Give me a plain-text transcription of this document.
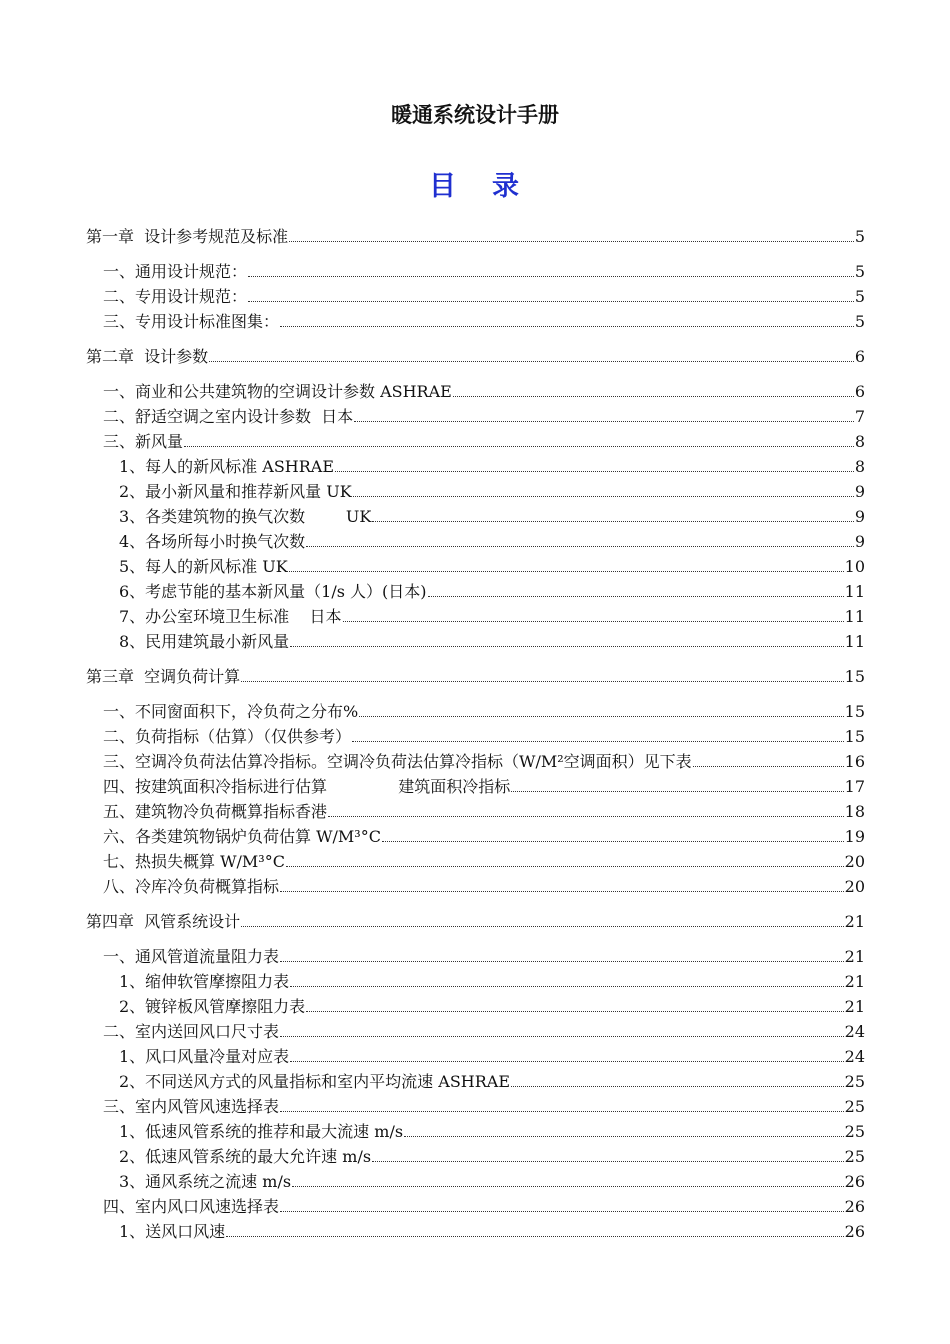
暖通系统设计手册
目 录
第一章  设计参考规范及标准	5
一、通用设计规范：	5
二、专用设计规范：	5
三、专用设计标准图集：	5
第二章  设计参数	6
一、商业和公共建筑物的空调设计参数 ASHRAE	6
二、舒适空调之室内设计参数  日本	7
三、新风量	8
1、每人的新风标准 ASHRAE	8
2、最小新风量和推荐新风量 UK	9
3、各类建筑物的换气次数        UK	9
4、各场所每小时换气次数	9
5、每人的新风标准 UK	10
6、考虑节能的基本新风量（1/s 人）(日本)	11
7、办公室环境卫生标准    日本	11
8、民用建筑最小新风量	11
第三章  空调负荷计算	15
一、不同窗面积下，冷负荷之分布%	15
二、负荷指标（估算）（仅供参考）	15
三、空调冷负荷法估算冷指标。空调冷负荷法估算冷指标（W/M²空调面积）见下表	16
四、按建筑面积冷指标进行估算              建筑面积冷指标	17
五、建筑物冷负荷概算指标香港	18
六、各类建筑物锅炉负荷估算 W/M³°C	19
七、热损失概算 W/M³°C	20
八、冷库冷负荷概算指标	20
第四章  风管系统设计	21
一、通风管道流量阻力表	21
1、缩伸软管摩擦阻力表	21
2、镀锌板风管摩擦阻力表	21
二、室内送回风口尺寸表	24
1、风口风量冷量对应表	24
2、不同送风方式的风量指标和室内平均流速 ASHRAE	25
三、室内风管风速选择表	25
1、低速风管系统的推荐和最大流速 m/s	25
2、低速风管系统的最大允许速 m/s	25
3、通风系统之流速 m/s	26
四、室内风口风速选择表	26
1、送风口风速	26
